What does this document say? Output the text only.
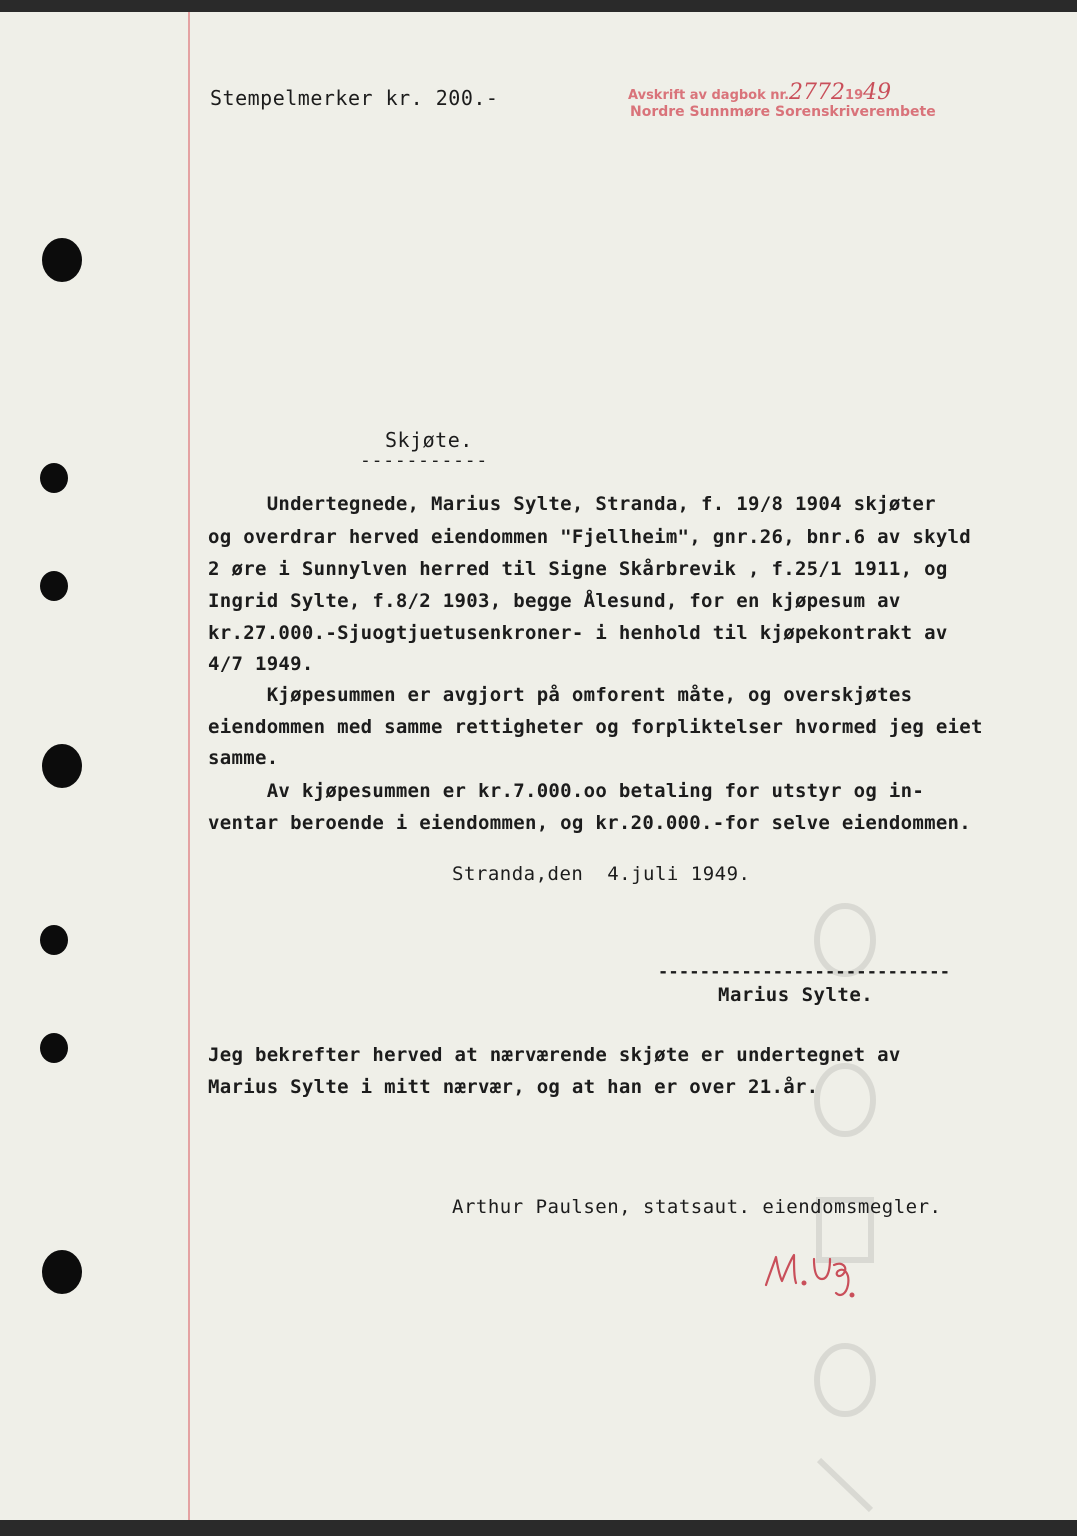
Stempelmerker kr. 200.-	Avskrift av dagbok nr.27721949
Nordre Sunnmøre Sorenskriverembete
Skjøte.
-----------
Undertegnede, Marius Sylte, Stranda, f. 19/8 1904 skjøter
og overdrar herved eiendommen "Fjellheim", gnr.26, bnr.6 av skyld
2 øre i Sunnylven herred til Signe Skårbrevik , f.25/1 1911, og
Ingrid Sylte, f.8/2 1903, begge Ålesund, for en kjøpesum av
kr.27.000.-Sjuogtjuetusenkroner- i henhold til kjøpekontrakt av
4/7 1949.
Kjøpesummen er avgjort på omforent måte, og overskjøtes
eiendommen med samme rettigheter og forpliktelser hvormed jeg eiet
samme.
Av kjøpesummen er kr.7.000.oo betaling for utstyr og in-
ventar beroende i eiendommen, og kr.20.000.-for selve eiendommen.
Stranda,den  4.juli 1949.
----------------------------
Marius Sylte.
Jeg bekrefter herved at nærværende skjøte er undertegnet av
Marius Sylte i mitt nærvær, og at han er over 21.år.
Arthur Paulsen, statsaut. eiendomsmegler.
